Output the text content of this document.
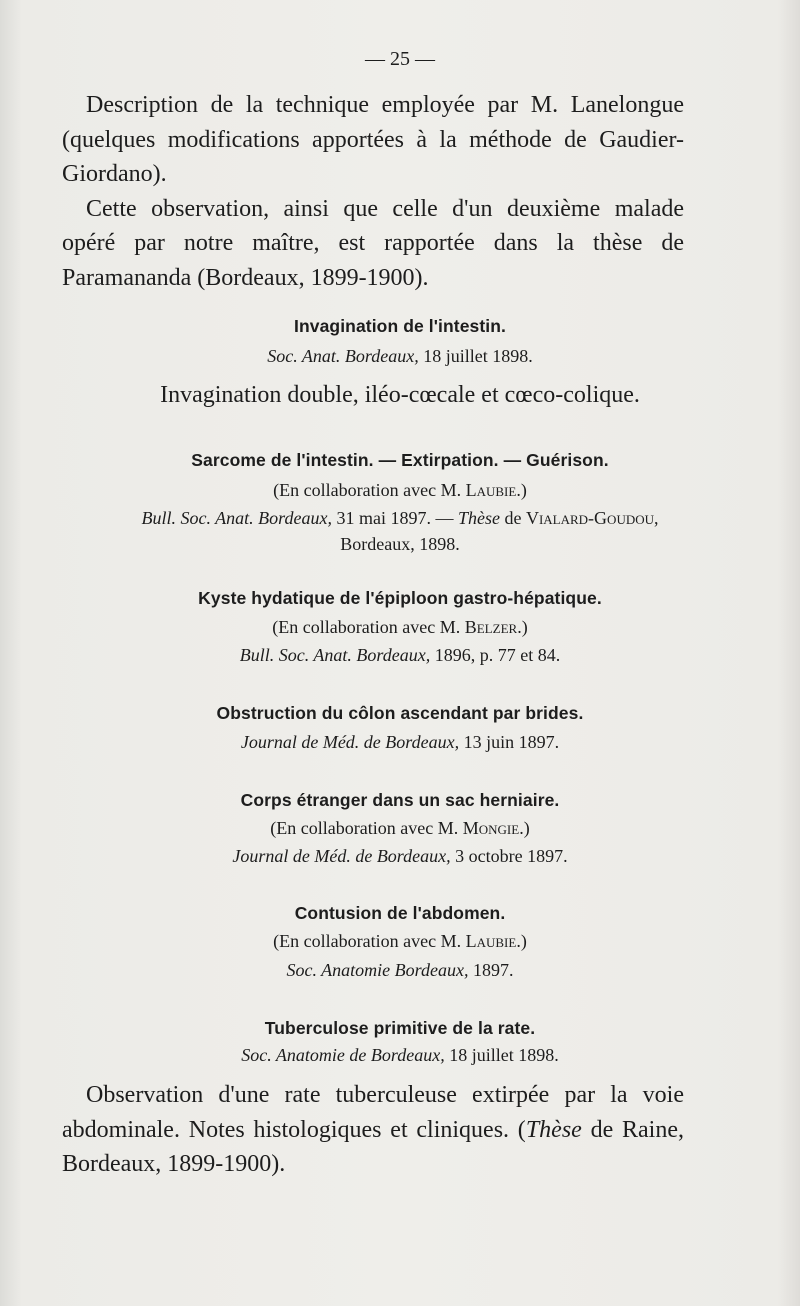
— 25 —

Description de la technique employée par M. Lanelongue (quelques modifications apportées à la méthode de Gaudier-Giordano).

Cette observation, ainsi que celle d'un deuxième malade opéré par notre maître, est rapportée dans la thèse de Paramananda (Bordeaux, 1899-1900).

Invagination de l'intestin.
Soc. Anat. Bordeaux, 18 juillet 1898.
Invagination double, iléo-cœcale et cœco-colique.
Sarcome de l'intestin. — Extirpation. — Guérison.
(En collaboration avec M. Laubie.)
Bull. Soc. Anat. Bordeaux, 31 mai 1897. — Thèse de Vialard-Goudou,
Bordeaux, 1898.
Kyste hydatique de l'épiploon gastro-hépatique.
(En collaboration avec M. Belzer.)
Bull. Soc. Anat. Bordeaux, 1896, p. 77 et 84.
Obstruction du côlon ascendant par brides.
Journal de Méd. de Bordeaux, 13 juin 1897.
Corps étranger dans un sac herniaire.
(En collaboration avec M. Mongie.)
Journal de Méd. de Bordeaux, 3 octobre 1897.
Contusion de l'abdomen.
(En collaboration avec M. Laubie.)
Soc. Anatomie Bordeaux, 1897.
Tuberculose primitive de la rate.
Soc. Anatomie de Bordeaux, 18 juillet 1898.

Observation d'une rate tuberculeuse extirpée par la voie abdominale. Notes histologiques et cliniques. (Thèse de Raine, Bordeaux, 1899-1900).
